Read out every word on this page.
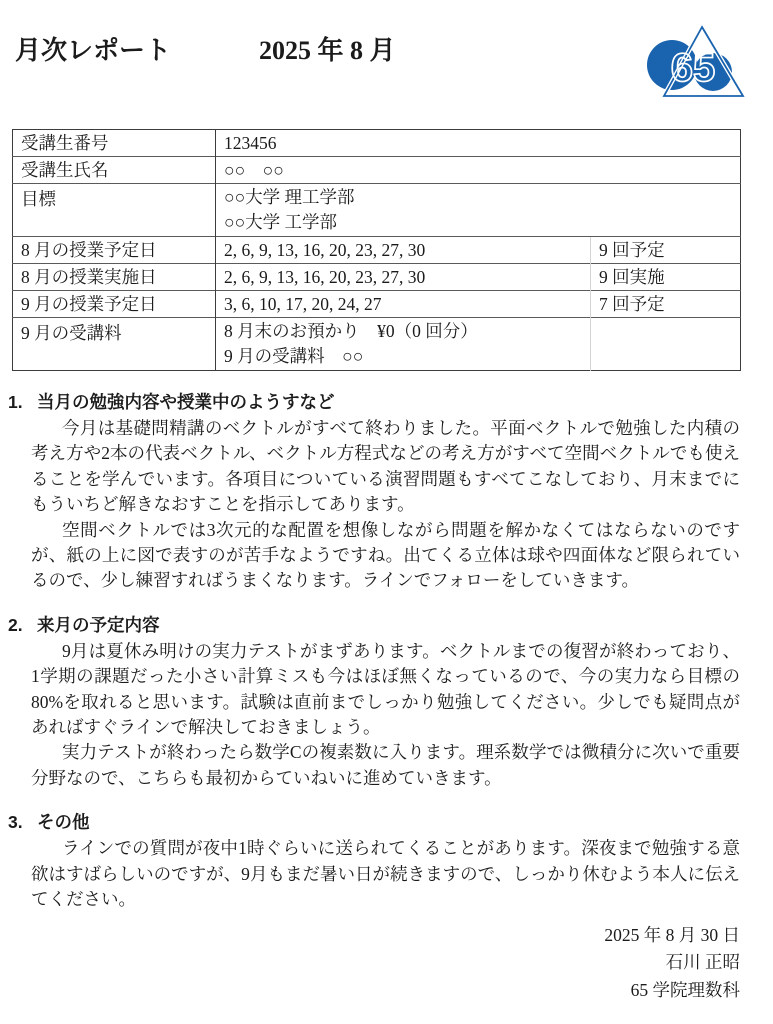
月次レポート	2025 年 8 月	65
受講生番号	123456	
受講生氏名	○○　○○	
目標	○○大学 理工学部
○○大学 工学部	

8 月の授業予定日	2, 6, 9, 13, 16, 20, 23, 27, 30	9 回予定
8 月の授業実施日	2, 6, 9, 13, 16, 20, 23, 27, 30	9 回実施
9 月の授業予定日	3, 6, 10, 17, 20, 24, 27	7 回予定
9 月の受講料	8 月末のお預かり　¥0（0 回分）
9 月の受講料　○○	

1. 当月の勉強内容や授業中のようすなど

今月は基礎問精講のベクトルがすべて終わりました。平面ベクトルで勉強した内積の考え方や2本の代表ベクトル、ベクトル方程式などの考え方がすべて空間ベクトルでも使えることを学んでいます。各項目についている演習問題もすべてこなしており、月末までにもういちど解きなおすことを指示してあります。

空間ベクトルでは3次元的な配置を想像しながら問題を解かなくてはならないのですが、紙の上に図で表すのが苦手なようですね。出てくる立体は球や四面体など限られているので、少し練習すればうまくなります。ラインでフォローをしていきます。

2. 来月の予定内容

9月は夏休み明けの実力テストがまずあります。ベクトルまでの復習が終わっており、1学期の課題だった小さい計算ミスも今はほぼ無くなっているので、今の実力なら目標の80%を取れると思います。試験は直前までしっかり勉強してください。少しでも疑問点があればすぐラインで解決しておきましょう。

実力テストが終わったら数学Cの複素数に入ります。理系数学では微積分に次いで重要分野なので、こちらも最初からていねいに進めていきます。

3. その他

ラインでの質問が夜中1時ぐらいに送られてくることがあります。深夜まで勉強する意欲はすばらしいのですが、9月もまだ暑い日が続きますので、しっかり休むよう本人に伝えてください。

2025 年 8 月 30 日
石川 正昭
65 学院理数科
